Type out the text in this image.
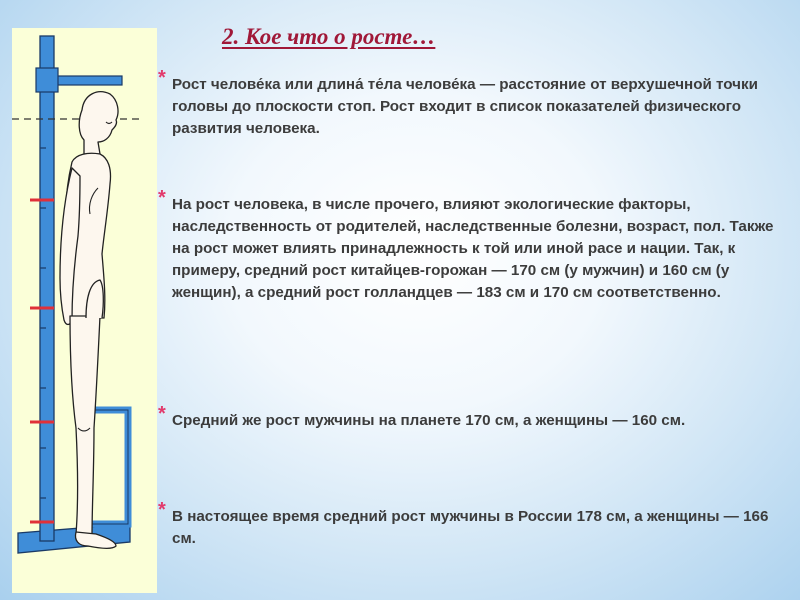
2. Кое что о росте…
* Рост челове́ка или длина́ те́ла челове́ка — расстояние от верхушечной точки головы до плоскости стоп. Рост входит в список показателей физического развития человека.
* На рост человека, в числе прочего, влияют экологические факторы, наследственность от родителей, наследственные болезни, возраст, пол. Также на рост может влиять принадлежность к той или иной расе и нации. Так, к примеру, средний рост китайцев-горожан — 170 см (у мужчин) и 160 см (у женщин), а средний рост голландцев — 183 см и 170 см соответственно.
* Средний же рост мужчины на планете 170 см, а женщины — 160 см.
* В настоящее время средний рост мужчины в России 178 см, а женщины — 166 см.
